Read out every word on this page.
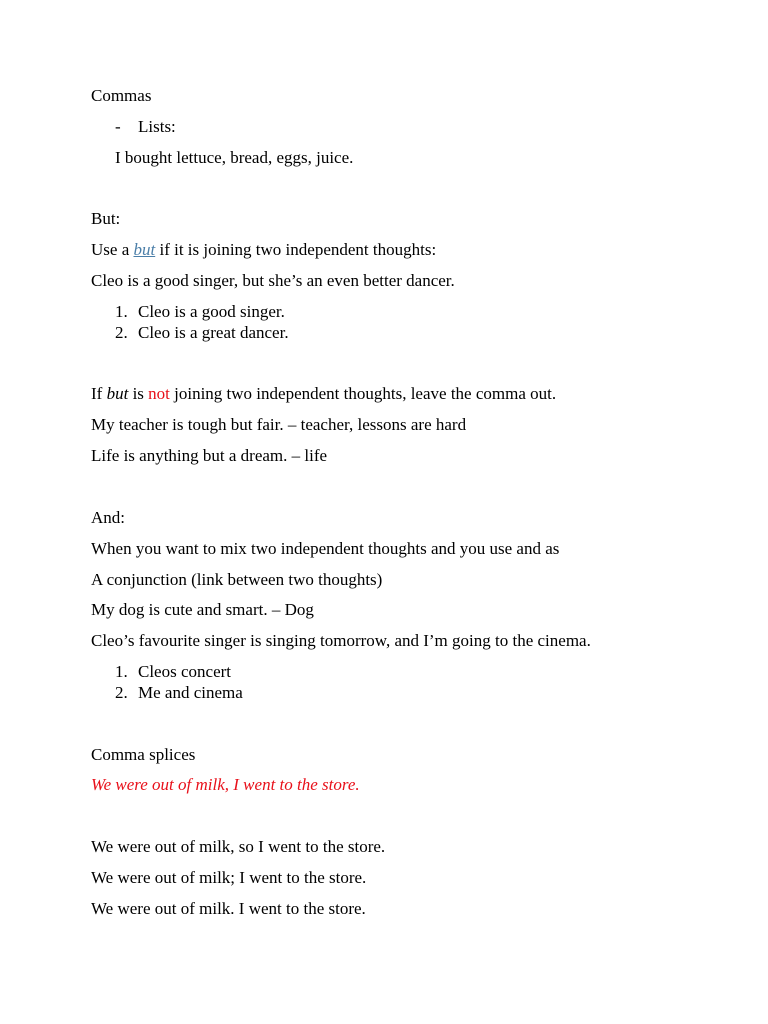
Commas
- Lists:
I bought lettuce, bread, eggs, juice.
But:
Use a but if it is joining two independent thoughts:
Cleo is a good singer, but she’s an even better dancer.
1. Cleo is a good singer.
2. Cleo is a great dancer.
If but is not joining two independent thoughts, leave the comma out.
My teacher is tough but fair. – teacher, lessons are hard
Life is anything but a dream. – life
And:
When you want to mix two independent thoughts and you use and as
A conjunction (link between two thoughts)
My dog is cute and smart. – Dog
Cleo’s favourite singer is singing tomorrow, and I’m going to the cinema.
1. Cleos concert
2. Me and cinema
Comma splices
We were out of milk, I went to the store.
We were out of milk, so I went to the store.
We were out of milk; I went to the store.
We were out of milk. I went to the store.
